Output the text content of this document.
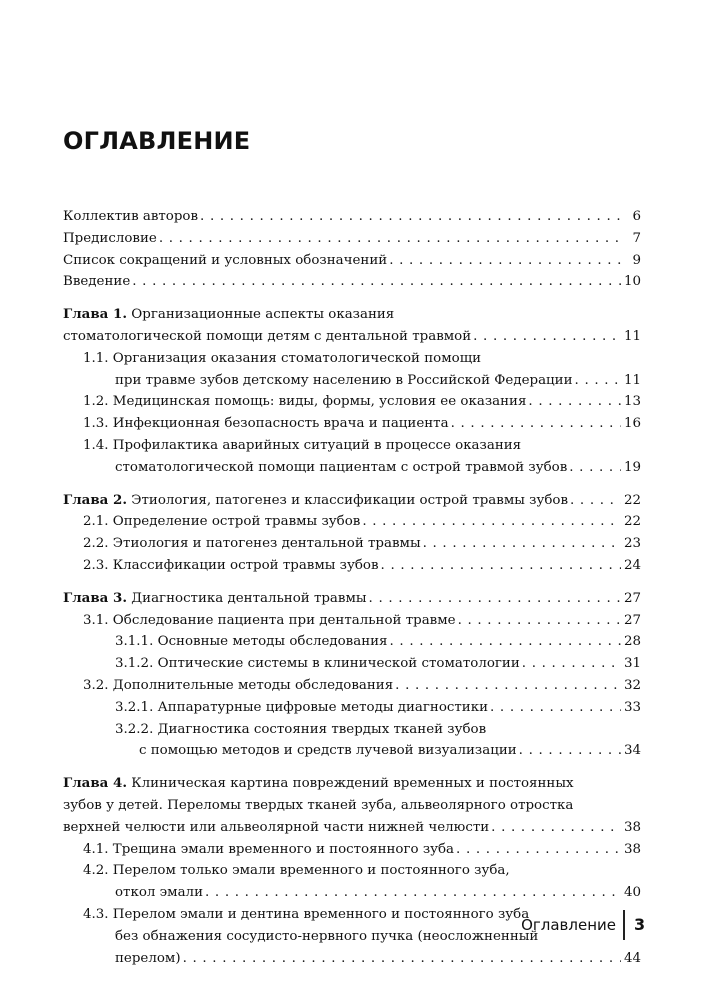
ОГЛАВЛЕНИЕ
Коллектив авторов . . .	6
Предисловие . . .	7
Список сокращений и условных обозначений . . .	9
Введение . . .	10
Глава 1. Организационные аспекты оказания
стоматологической помощи детям с дентальной травмой . . .	11
1.1. Организация оказания стоматологической помощи
при травме зубов детскому населению в Российской Федерации . . .	11
1.2. Медицинская помощь: виды, формы, условия ее оказания . . .	13
1.3. Инфекционная безопасность врача и пациента . . .	16
1.4. Профилактика аварийных ситуаций в процессе оказания
стоматологической помощи пациентам с острой травмой зубов . . .	19
Глава 2. Этиология, патогенез и классификации острой травмы зубов . . .	22
2.1. Определение острой травмы зубов . . .	22
2.2. Этиология и патогенез дентальной травмы . . .	23
2.3. Классификации острой травмы зубов . . .	24
Глава 3. Диагностика дентальной травмы . . .	27
3.1. Обследование пациента при дентальной травме . . .	27
3.1.1. Основные методы обследования . . .	28
3.1.2. Оптические системы в клинической стоматологии . . .	31
3.2. Дополнительные методы обследования . . .	32
3.2.1. Аппаратурные цифровые методы диагностики . . .	33
3.2.2. Диагностика состояния твердых тканей зубов
с помощью методов и средств лучевой визуализации . . .	34
Глава 4. Клиническая картина повреждений временных и постоянных
зубов у детей. Переломы твердых тканей зуба, альвеолярного отростка
верхней челюсти или альвеолярной части нижней челюсти . . .	38
4.1. Трещина эмали временного и постоянного зуба . . .	38
4.2. Перелом только эмали временного и постоянного зуба,
откол эмали . . .	40
4.3. Перелом эмали и дентина временного и постоянного зуба
без обнажения сосудисто-нервного пучка (неосложненный
перелом) . . .	44
Оглавление 3
